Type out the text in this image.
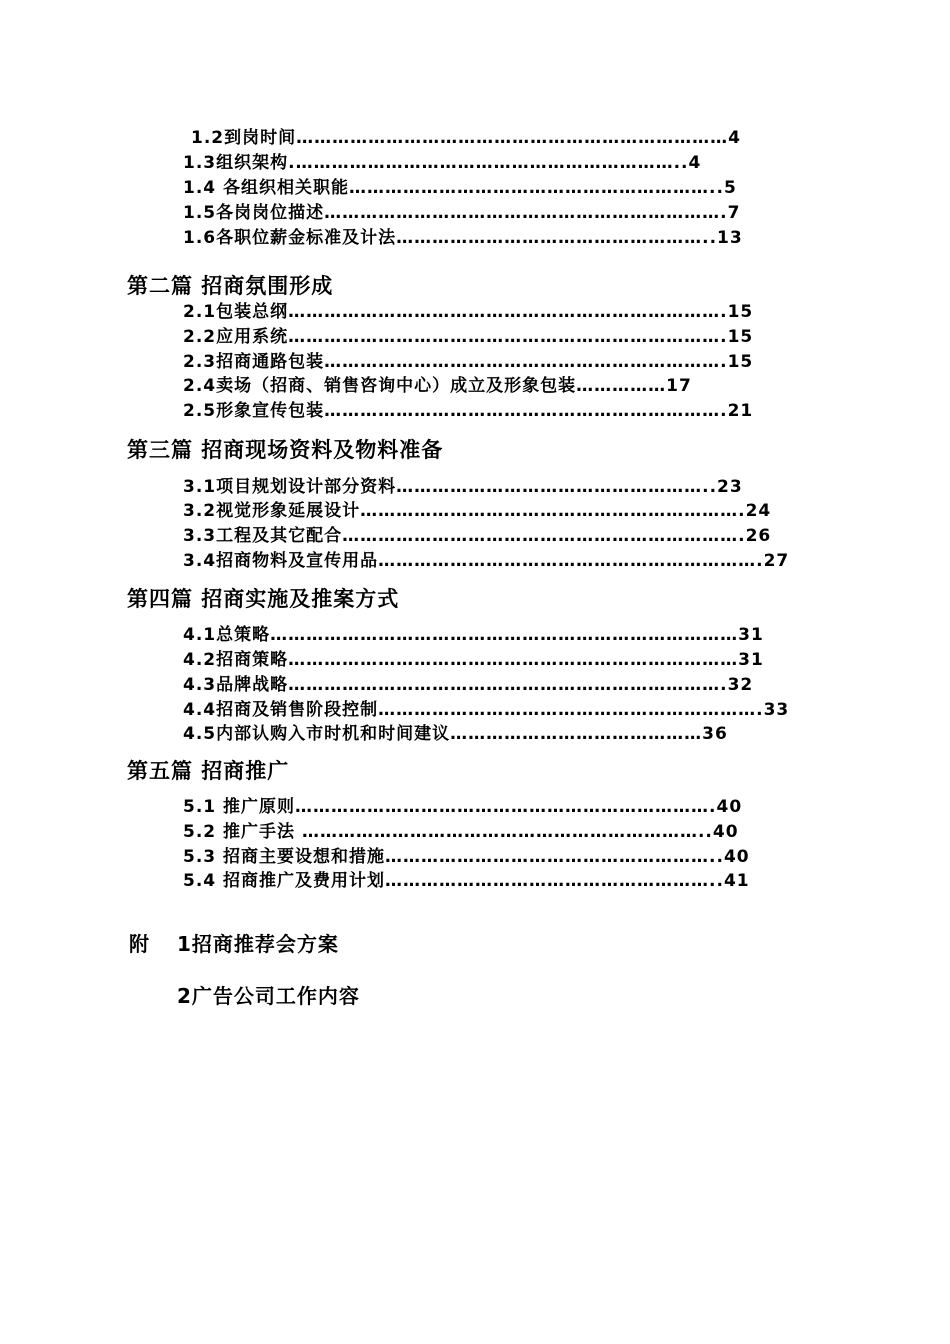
1.2到岗时间………………………………………………………………4
1.3组织架构.………………………………………………………..4
1.4 各组织相关职能……………………………………………………..5
1.5各岗岗位描述………………………………………………………….7
1.6各职位薪金标准及计法……………………………………………..13
第二篇 招商氛围形成
2.1包装总纲……………………………………………………………….15
2.2应用系统……………………………………………………………….15
2.3招商通路包装………………………………………………………….15
2.4卖场（招商、销售咨询中心）成立及形象包装……………17
2.5形象宣传包装………………………………………………………….21
第三篇 招商现场资料及物料准备
3.1项目规划设计部分资料……………………………………………..23
3.2视觉形象延展设计……………………………………………………….24
3.3工程及其它配合………………………………………………………….26
3.4招商物料及宣传用品……………………………………………………….27
第四篇 招商实施及推案方式
4.1总策略……………………………………………………………………31
4.2招商策略…………………………………………………………………31
4.3品牌战略……………………………………………………………….32
4.4招商及销售阶段控制……………………………………………………….33
4.5内部认购入市时机和时间建议……………………………………36
第五篇 招商推广
5.1 推广原则…………………………………………………………….40
5.2 推广手法 …………………………………………………………..40
5.3 招商主要设想和措施………………………………………………..40
5.4 招商推广及费用计划………………………………………………..41
附 1招商推荐会方案
2广告公司工作内容
